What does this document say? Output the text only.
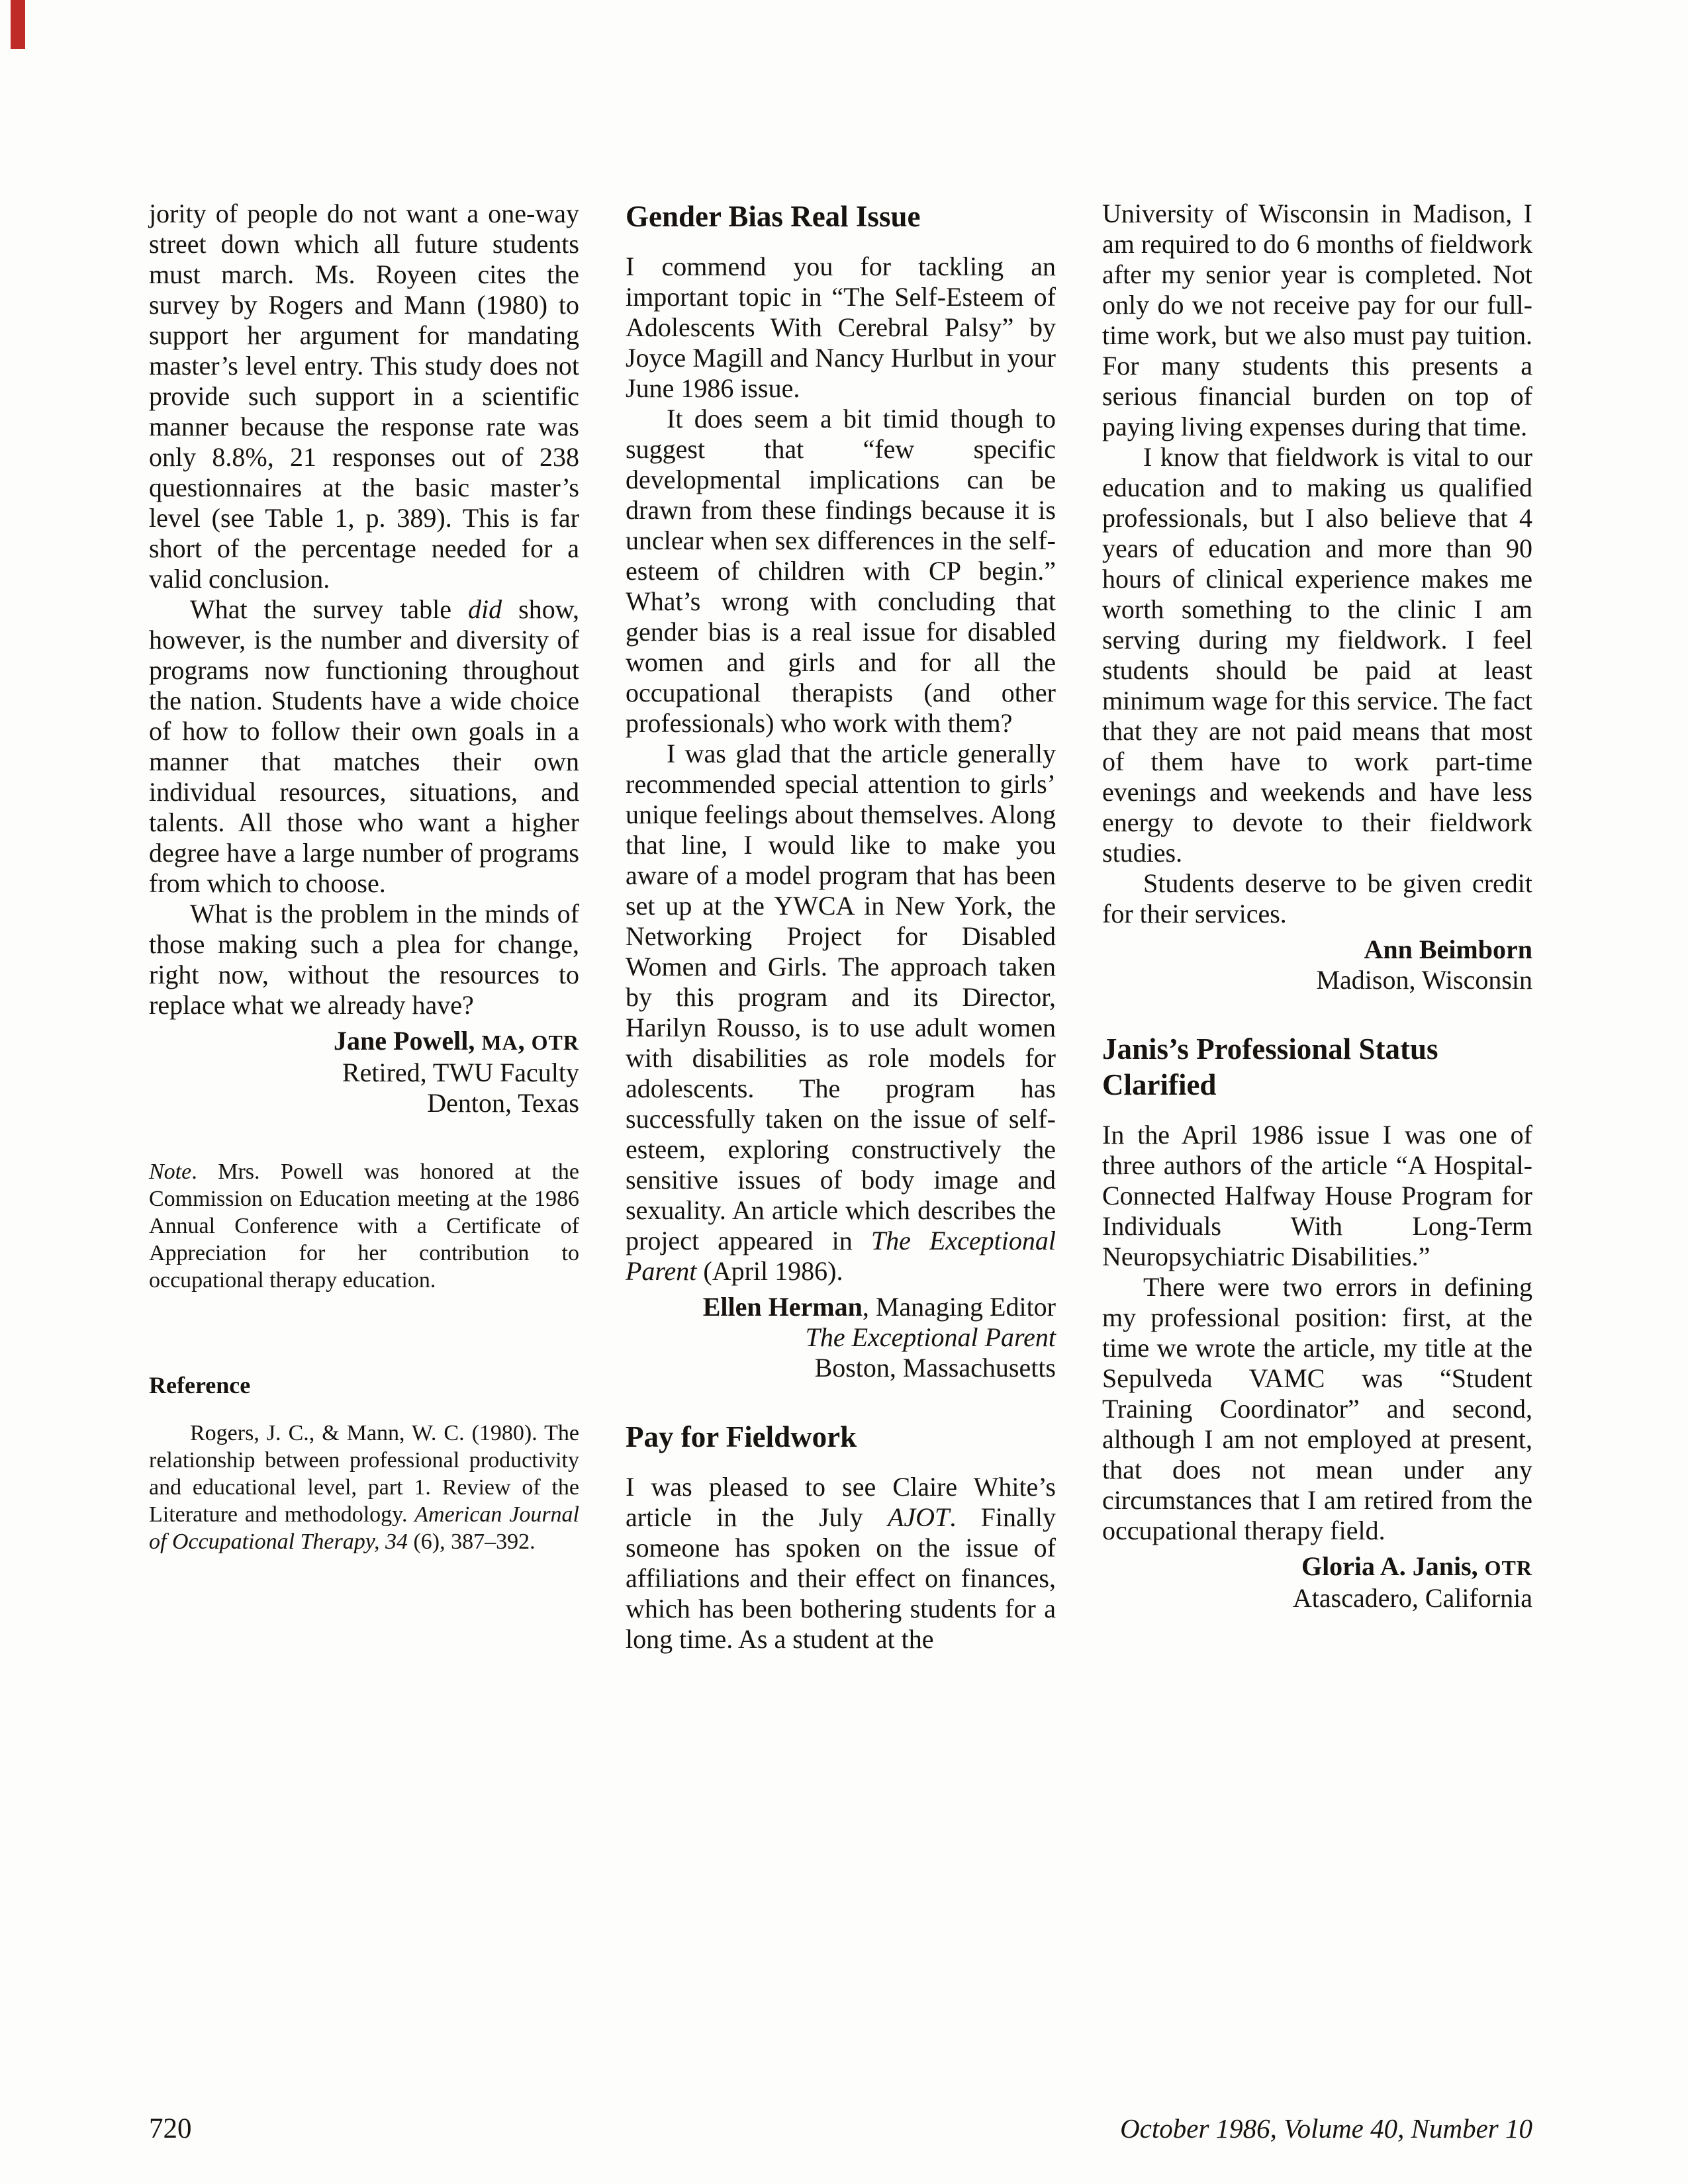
jority of people do not want a one-way street down which all future students must march. Ms. Royeen cites the survey by Rogers and Mann (1980) to support her argument for mandating master’s level entry. This study does not provide such support in a scientific manner because the response rate was only 8.8%, 21 responses out of 238 questionnaires at the basic master’s level (see Table 1, p. 389). This is far short of the percentage needed for a valid conclusion.

What the survey table did show, however, is the number and diversity of programs now functioning throughout the nation. Students have a wide choice of how to follow their own goals in a manner that matches their own individual resources, situations, and talents. All those who want a higher degree have a large number of programs from which to choose.

What is the problem in the minds of those making such a plea for change, right now, without the resources to replace what we already have?

Jane Powell, MA, OTR
Retired, TWU Faculty
Denton, Texas

Note. Mrs. Powell was honored at the Commission on Education meeting at the 1986 Annual Conference with a Certificate of Appreciation for her contribution to occupational therapy education.

Reference

Rogers, J. C., & Mann, W. C. (1980). The relationship between professional productivity and educational level, part 1. Review of the Literature and methodology. American Journal of Occupational Therapy, 34 (6), 387–392.

Gender Bias Real Issue

I commend you for tackling an important topic in “The Self-Esteem of Adolescents With Cerebral Palsy” by Joyce Magill and Nancy Hurlbut in your June 1986 issue.

It does seem a bit timid though to suggest that “few specific developmental implications can be drawn from these findings because it is unclear when sex differences in the self-esteem of children with CP begin.” What’s wrong with concluding that gender bias is a real issue for disabled women and girls and for all the occupational therapists (and other professionals) who work with them?

I was glad that the article generally recommended special attention to girls’ unique feelings about themselves. Along that line, I would like to make you aware of a model program that has been set up at the YWCA in New York, the Networking Project for Disabled Women and Girls. The approach taken by this program and its Director, Harilyn Rousso, is to use adult women with disabilities as role models for adolescents. The program has successfully taken on the issue of self-esteem, exploring constructively the sensitive issues of body image and sexuality. An article which describes the project appeared in The Exceptional Parent (April 1986).

Ellen Herman, Managing Editor
The Exceptional Parent
Boston, Massachusetts
Pay for Fieldwork

I was pleased to see Claire White’s article in the July AJOT. Finally someone has spoken on the issue of affiliations and their effect on finances, which has been bothering students for a long time. As a student at the

University of Wisconsin in Madison, I am required to do 6 months of fieldwork after my senior year is completed. Not only do we not receive pay for our full-time work, but we also must pay tuition. For many students this presents a serious financial burden on top of paying living expenses during that time.

I know that fieldwork is vital to our education and to making us qualified professionals, but I also believe that 4 years of education and more than 90 hours of clinical experience makes me worth something to the clinic I am serving during my fieldwork. I feel students should be paid at least minimum wage for this service. The fact that they are not paid means that most of them have to work part-time evenings and weekends and have less energy to devote to their fieldwork studies.

Students deserve to be given credit for their services.

Ann Beimborn
Madison, Wisconsin
Janis’s Professional Status Clarified

In the April 1986 issue I was one of three authors of the article “A Hospital-Connected Halfway House Program for Individuals With Long-Term Neuropsychiatric Disabilities.”

There were two errors in defining my professional position: first, at the time we wrote the article, my title at the Sepulveda VAMC was “Student Training Coordinator” and second, although I am not employed at present, that does not mean under any circumstances that I am retired from the occupational therapy field.

Gloria A. Janis, OTR
Atascadero, California
720	October 1986, Volume 40, Number 10
